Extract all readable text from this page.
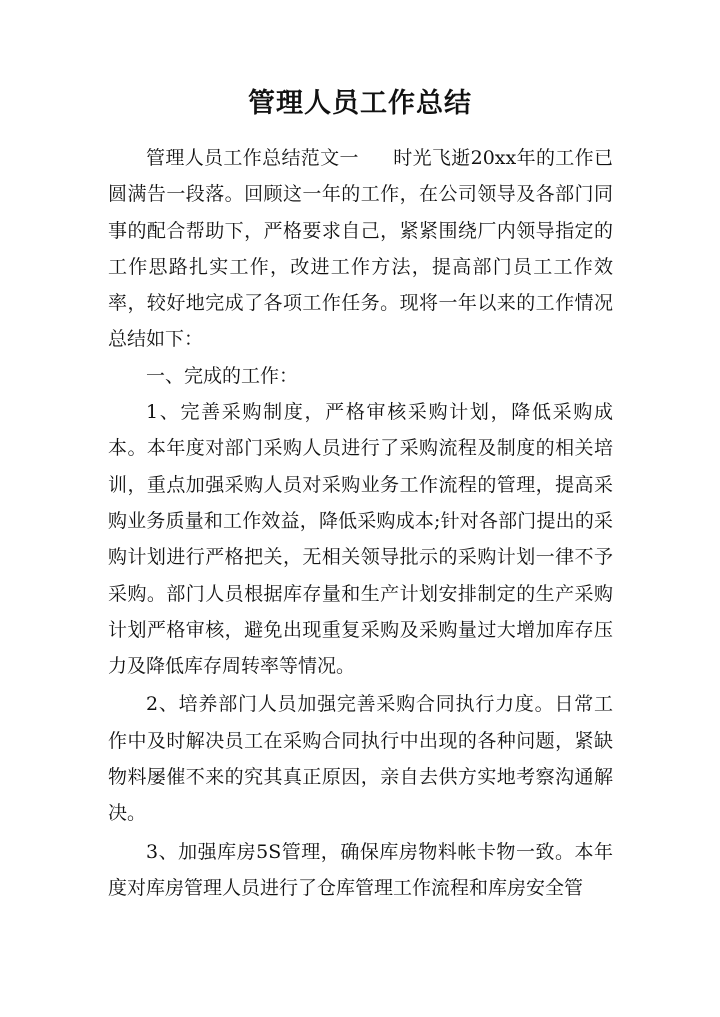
管理人员工作总结

管理人员工作总结范文一 时光飞逝20xx年的工作已圆满告一段落。回顾这一年的工作，在公司领导及各部门同事的配合帮助下，严格要求自己，紧紧围绕厂内领导指定的工作思路扎实工作，改进工作方法，提高部门员工工作效率，较好地完成了各项工作任务。现将一年以来的工作情况总结如下：

一、完成的工作：

1、完善采购制度，严格审核采购计划，降低采购成本。本年度对部门采购人员进行了采购流程及制度的相关培训，重点加强采购人员对采购业务工作流程的管理，提高采购业务质量和工作效益，降低采购成本;针对各部门提出的采购计划进行严格把关，无相关领导批示的采购计划一律不予采购。部门人员根据库存量和生产计划安排制定的生产采购计划严格审核，避免出现重复采购及采购量过大增加库存压力及降低库存周转率等情况。

2、培养部门人员加强完善采购合同执行力度。日常工作中及时解决员工在采购合同执行中出现的各种问题，紧缺物料屡催不来的究其真正原因，亲自去供方实地考察沟通解决。

3、加强库房5S管理，确保库房物料帐卡物一致。本年度对库房管理人员进行了仓库管理工作流程和库房安全管
